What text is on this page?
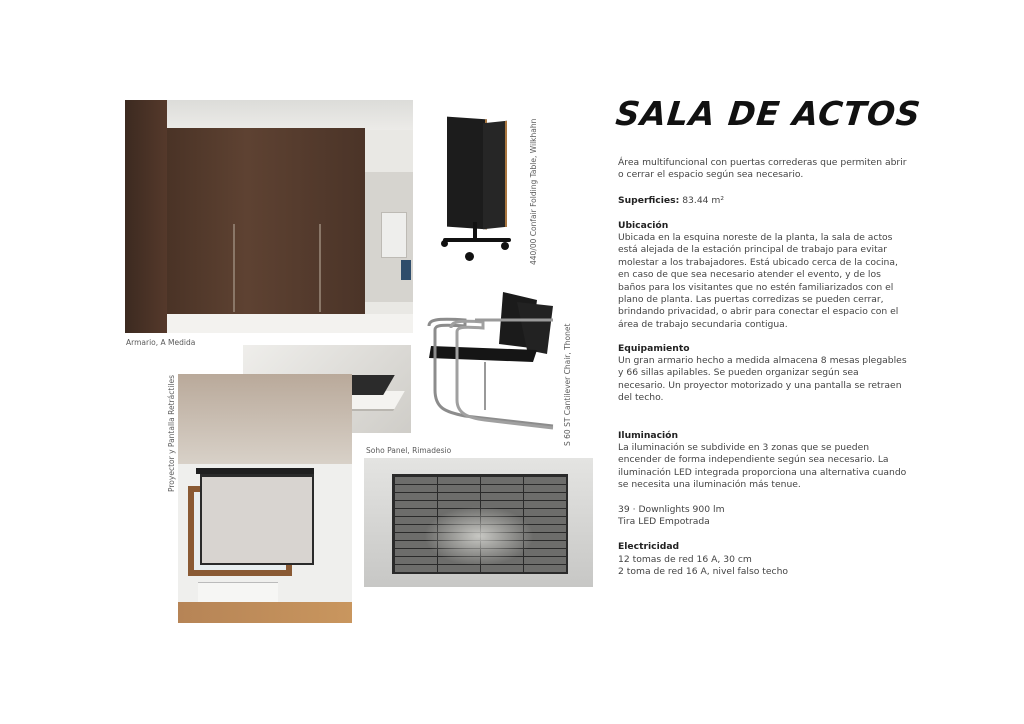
Armario, A Medida
440/00 Confair Folding Table, Wilkhahn
S 60 ST Cantilever Chair, Thonet
Proyector y Pantalla Retráctiles	Soho Panel, Rimadesio
SALA DE ACTOS
Área multifuncional con puertas correderas que permiten abrir o cerrar el espacio según sea necesario.
Superficies: 83.44 m²
Ubicación
Ubicada en la esquina noreste de la planta, la sala de actos está alejada de la estación principal de trabajo para evitar molestar a los trabajadores. Está ubicado cerca de la cocina, en caso de que sea necesario atender el evento, y de los baños para los visitantes que no estén familiarizados con el plano de planta. Las puertas corredizas se pueden cerrar, brindando privacidad, o abrir para conectar el espacio con el área de trabajo secundaria contigua.
Equipamiento
Un gran armario hecho a medida almacena 8 mesas plegables y 66 sillas apilables. Se pueden organizar según sea necesario. Un proyector motorizado y una pantalla se retraen del techo.
Iluminación
La iluminación se subdivide en 3 zonas que se pueden encender de forma independiente según sea necesario. La iluminación LED integrada proporciona una alternativa cuando se necesita una iluminación más tenue.
39 · Downlights 900 lm
Tira LED Empotrada
Electricidad
12 tomas de red 16 A, 30 cm
2 toma de red 16 A, nivel falso techo
